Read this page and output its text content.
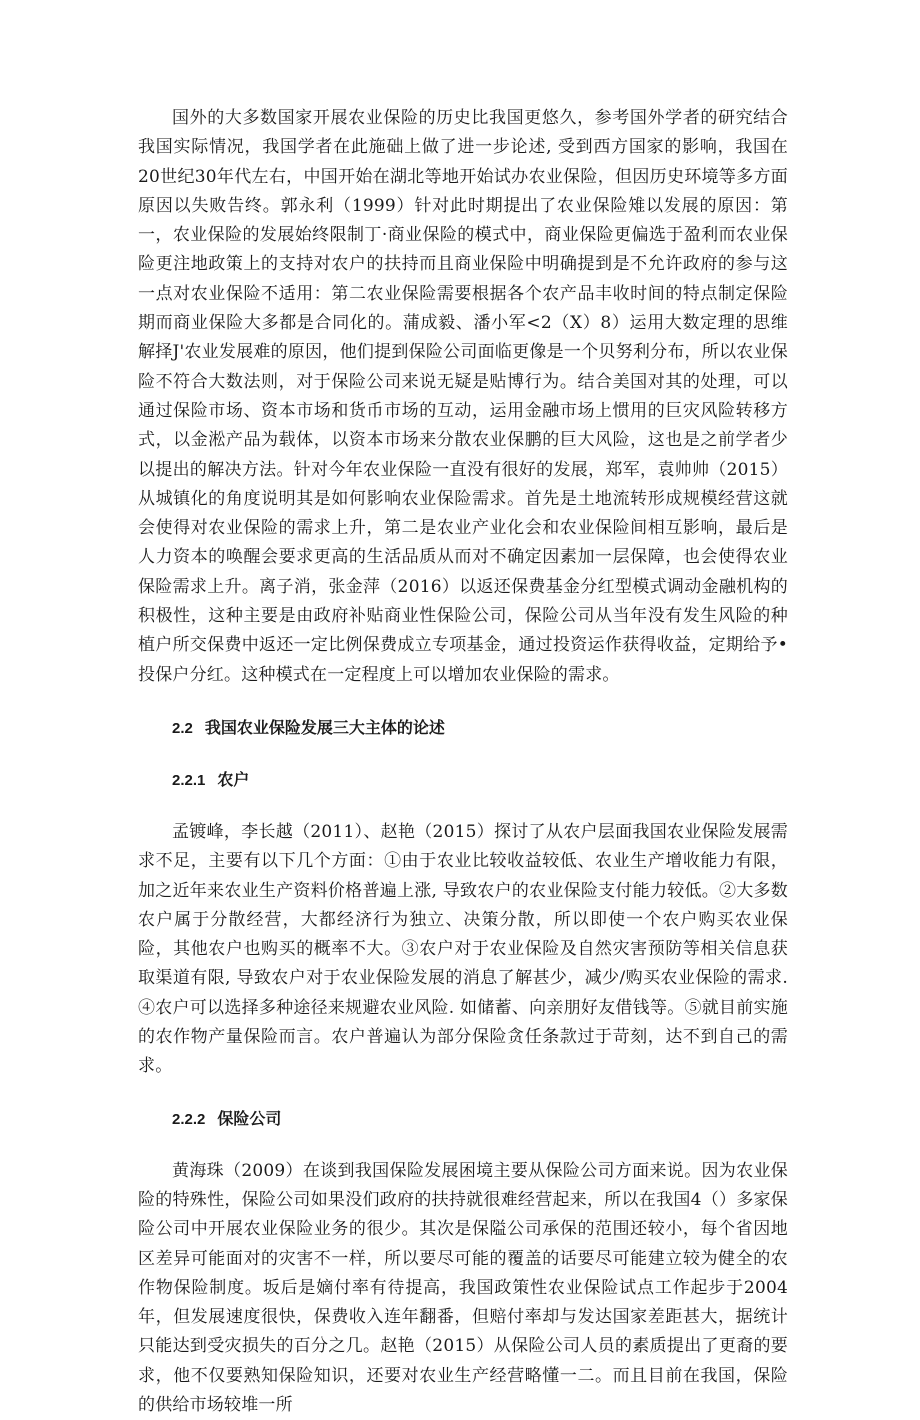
国外的大多数国家开展农业保险的历史比我国更悠久，参考国外学者的研究结合我国实际情况，我国学者在此施础上做了进一步论述, 受到西方国家的影响，我国在20世纪30年代左右，中国开始在湖北等地开始试办农业保险，但因历史环境等多方面原因以失败告终。郭永利（1999）针对此时期提出了农业保险雉以发展的原因：第一，农业保险的发展始终限制丁·商业保险的模式中，商业保险更偏选于盈利而农业保险更注地政策上的支持对农户的扶持而且商业保险中明确提到是不允许政府的参与这一点对农业保险不适用：第二农业保险需要根据各个农产品丰收时间的特点制定保险期而商业保险大多都是合同化的。蒲成毅、潘小军<2（X）8）运用大数定理的思维解择J'农业发展难的原因，他们提到保险公司面临更像是一个贝努利分布，所以农业保险不符合大数法则，对于保险公司来说无疑是贴博行为。结合美国对其的处理，可以通过保险市场、资本市场和货币市场的互动，运用金融市场上惯用的巨灾风险转移方式，以金淞产品为载体，以资本市场来分散农业保鹏的巨大风险，这也是之前学者少以提出的解决方法。针对今年农业保险一直没有很好的发展，郑军，袁帅帅（2015）从城镇化的角度说明其是如何影响农业保险需求。首先是土地流转形成规模经营这就会使得对农业保险的需求上升，第二是农业产业化会和农业保险间相互影响，最后是人力资本的唤醒会要求更高的生活品质从而对不确定因素加一层保障，也会使得农业保险需求上升。离子消，张金萍（2016）以返还保费基金分红型模式调动金融机构的积极性，这种主要是由政府补贴商业性保险公司，保险公司从当年没有发生风险的种植户所交保费中返还一定比例保费成立专项基金，通过投资运作获得收益，定期给予•投保户分红。这种模式在一定程度上可以增加农业保险的需求。

2.2 我国农业保险发展三大主体的论述
2.2.1 农户

孟镀峰，李长越（2011）、赵艳（2015）探讨了从农户层面我国农业保险发展需求不足，主要有以下几个方面：①由于农业比较收益较低、农业生产增收能力有限，加之近年来农业生产资料价格普遍上涨, 导致农户的农业保险支付能力较低。②大多数农户属于分散经营，大都经济行为独立、决策分散，所以即使一个农户购买农业保险，其他农户也购买的概率不大。③农户对于农业保险及自然灾害预防等相关信息获取渠道有限, 导致农户对于农业保险发展的消息了解甚少，减少/购买农业保险的需求. ④农户可以选择多种途径来规避农业风险. 如储蓄、向亲朋好友借钱等。⑤就目前实施的农作物产量保险而言。农户普遍认为部分保险贪任条款过于苛刻，达不到自己的需求。

2.2.2 保险公司

黄海珠（2009）在谈到我国保险发展困境主要从保险公司方面来说。因为农业保险的特殊性，保险公司如果没们政府的扶持就很难经营起来，所以在我国4（）多家保险公司中开展农业保险业务的很少。其次是保隘公司承保的范围还较小，每个省因地区差异可能面对的灾害不一样，所以要尽可能的覆盖的话要尽可能建立较为健全的农作物保险制度。坂后是嫡付率有待提高，我国政策性农业保险试点工作起步于2004年，但发展速度很快，保费收入连年翻番，但赔付率却与发达国家差距甚大，据统计只能达到受灾损失的百分之几。赵艳（2015）从保险公司人员的素质提出了更裔的要求，他不仅要熟知保险知识，还要对农业生产经营略懂一二。而且目前在我国，保险的供给市场较堆一所
